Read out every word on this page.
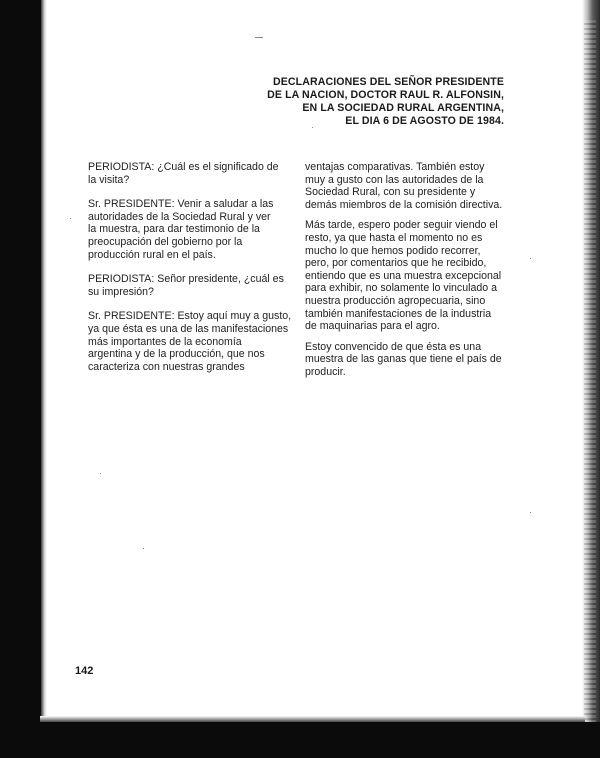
DECLARACIONES DEL SEÑOR PRESIDENTE
DE LA NACION, DOCTOR RAUL R. ALFONSIN,
EN LA SOCIEDAD RURAL ARGENTINA,
EL DIA 6 DE AGOSTO DE 1984.

PERIODISTA: ¿Cuál es el significado de
la visita?

Sr. PRESIDENTE: Venir a saludar a las
autoridades de la Sociedad Rural y ver
la muestra, para dar testimonio de la
preocupación del gobierno por la
producción rural en el país.

PERIODISTA: Señor presidente, ¿cuál es
su impresión?

Sr. PRESIDENTE: Estoy aquí muy a gusto,
ya que ésta es una de las manifestaciones
más importantes de la economía
argentina y de la producción, que nos
caracteriza con nuestras grandes

ventajas comparativas. También estoy
muy a gusto con las autoridades de la
Sociedad Rural, con su presidente y
demás miembros de la comisión directiva.

Más tarde, espero poder seguir viendo el
resto, ya que hasta el momento no es
mucho lo que hemos podido recorrer,
pero, por comentarios que he recibido,
entiendo que es una muestra excepcional
para exhibir, no solamente lo vinculado a
nuestra producción agropecuaria, sino
también manifestaciones de la industria
de maquinarias para el agro.

Estoy convencido de que ésta es una
muestra de las ganas que tiene el país de
producir.

142
